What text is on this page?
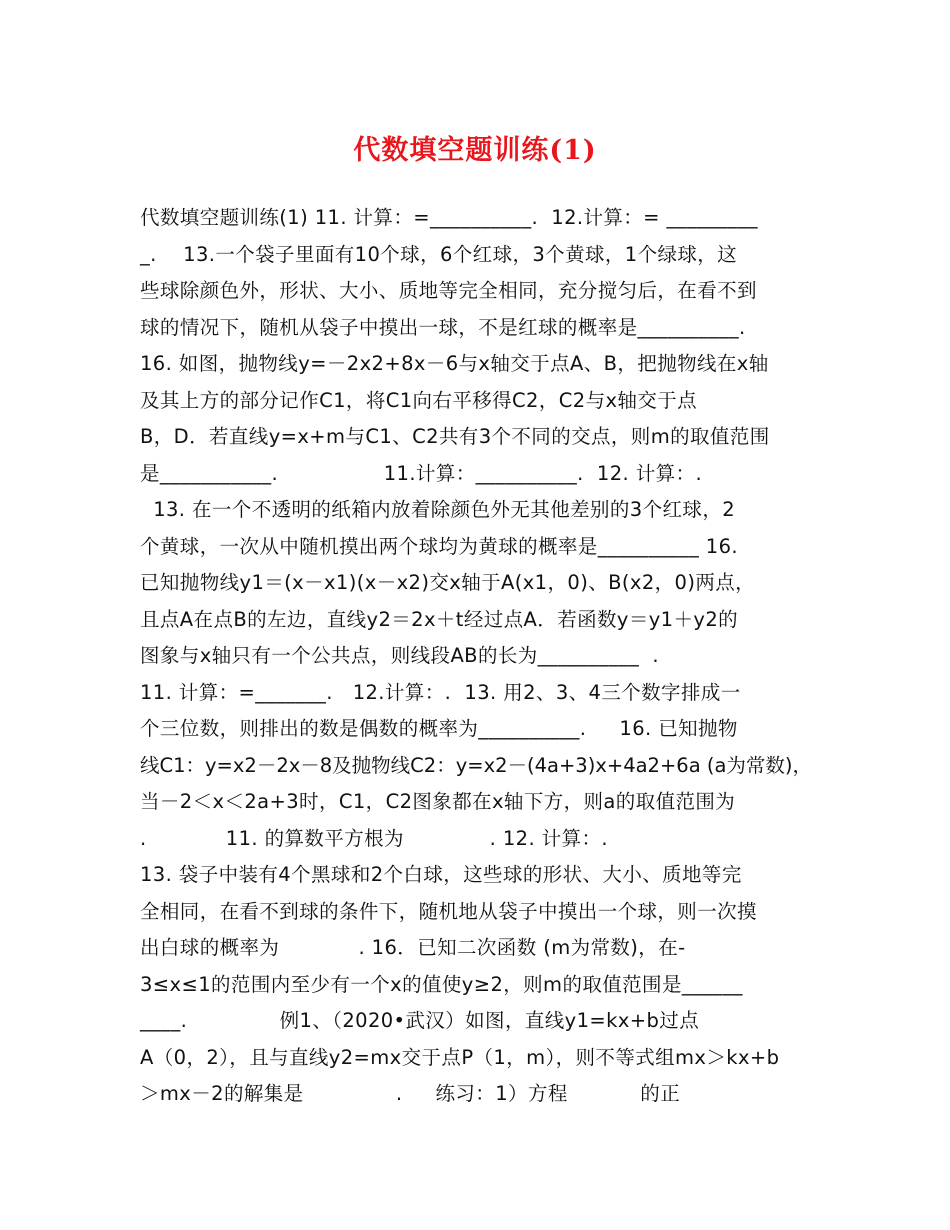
代数填空题训练(1)
代数填空题训练(1) 11. 计算：=__________.  12.计算：= _________
_.    13.一个袋子里面有10个球，6个红球，3个黄球，1个绿球，这
些球除颜色外，形状、大小、质地等完全相同，充分搅匀后，在看不到
球的情况下，随机从袋子中摸出一球，不是红球的概率是__________.
16. 如图，抛物线y=－2x2+8x－6与x轴交于点A、B，把抛物线在x轴
及其上方的部分记作C1，将C1向右平移得C2，C2与x轴交于点
B，D．若直线y=x+m与C1、C2共有3个不同的交点，则m的取值范围
是___________.                11.计算：__________.  12. 计算：.
13. 在一个不透明的纸箱内放着除颜色外无其他差别的3个红球，2
个黄球，一次从中随机摸出两个球均为黄球的概率是__________ 16.
已知抛物线y1＝(x－x1)(x－x2)交x轴于A(x1，0)、B(x2，0)两点，
且点A在点B的左边，直线y2＝2x＋t经过点A．若函数y＝y1＋y2的
图象与x轴只有一个公共点，则线段AB的长为__________  .
11. 计算：=_______.   12.计算：.  13. 用2、3、4三个数字排成一
个三位数，则排出的数是偶数的概率为__________.     16. 已知抛物
线C1：y=x2－2x－8及抛物线C2：y=x2－(4a+3)x+4a2+6a (a为常数)，
当－2＜x＜2a+3时，C1，C2图象都在x轴下方，则a的取值范围为
.            11. 的算数平方根为             . 12. 计算：.
13. 袋子中装有4个黑球和2个白球，这些球的形状、大小、质地等完
全相同，在看不到球的条件下，随机地从袋子中摸出一个球，则一次摸
出白球的概率为            . 16．已知二次函数 (m为常数)，在-
3≤x≤1的范围内至少有一个x的值使y≥2，则m的取值范围是______
____.              例1、（2020•武汉）如图，直线y1=kx+b过点
A（0，2），且与直线y2=mx交于点P（1，m），则不等式组mx＞kx+b
＞mx－2的解集是              .     练习：1）方程           的正
